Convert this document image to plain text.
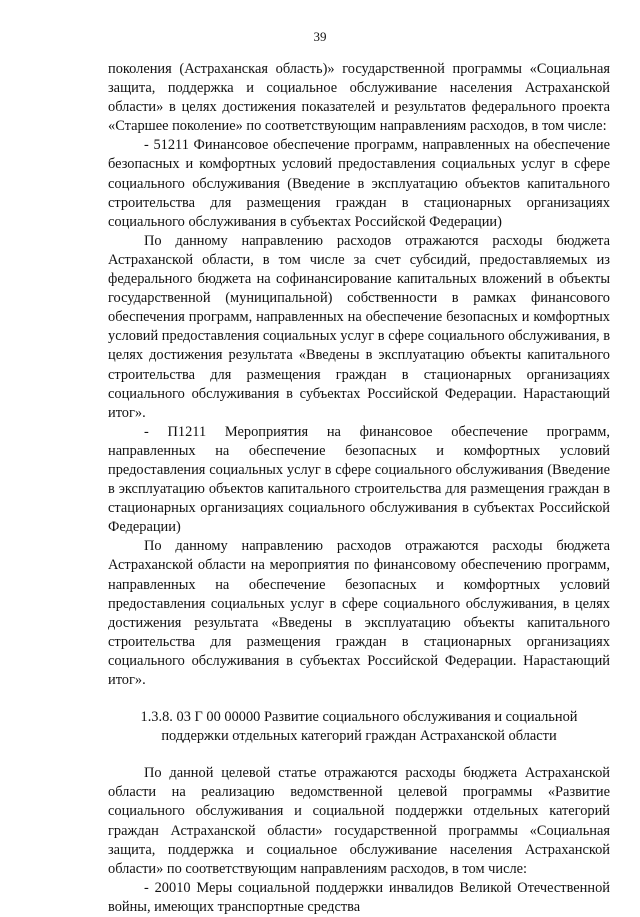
39

поколения (Астраханская область)» государственной программы «Социальная защита, поддержка и социальное обслуживание населения Астраханской области» в целях достижения показателей и результатов федерального проекта «Старшее поколение» по соответствующим направлениям расходов, в том числе:

- 51211 Финансовое обеспечение программ, направленных на обеспечение безопасных и комфортных условий предоставления социальных услуг в сфере социального обслуживания (Введение в эксплуатацию объектов капитального строительства для размещения граждан в стационарных организациях социального обслуживания в субъектах Российской Федерации)

По данному направлению расходов отражаются расходы бюджета Астраханской области, в том числе за счет субсидий, предоставляемых из федерального бюджета на софинансирование капитальных вложений в объекты государственной (муниципальной) собственности в рамках финансового обеспечения программ, направленных на обеспечение безопасных и комфортных условий предоставления социальных услуг в сфере социального обслуживания, в целях достижения результата «Введены в эксплуатацию объекты капитального строительства для размещения граждан в стационарных организациях социального обслуживания в субъектах Российской Федерации. Нарастающий итог».

- П1211 Мероприятия на финансовое обеспечение программ, направленных на обеспечение безопасных и комфортных условий предоставления социальных услуг в сфере социального обслуживания (Введение в эксплуатацию объектов капитального строительства для размещения граждан в стационарных организациях социального обслуживания в субъектах Российской Федерации)

По данному направлению расходов отражаются расходы бюджета Астраханской области на мероприятия по финансовому обеспечению программ, направленных на обеспечение безопасных и комфортных условий предоставления социальных услуг в сфере социального обслуживания, в целях достижения результата «Введены в эксплуатацию объекты капитального строительства для размещения граждан в стационарных организациях социального обслуживания в субъектах Российской Федерации. Нарастающий итог».

1.3.8. 03 Г 00 00000 Развитие социального обслуживания и социальной поддержки отдельных категорий граждан Астраханской области

По данной целевой статье отражаются расходы бюджета Астраханской области на реализацию ведомственной целевой программы «Развитие социального обслуживания и социальной поддержки отдельных категорий граждан Астраханской области» государственной программы «Социальная защита, поддержка и социальное обслуживание населения Астраханской области» по соответствующим направлениям расходов, в том числе:

- 20010 Меры социальной поддержки инвалидов Великой Отечественной войны, имеющих транспортные средства
